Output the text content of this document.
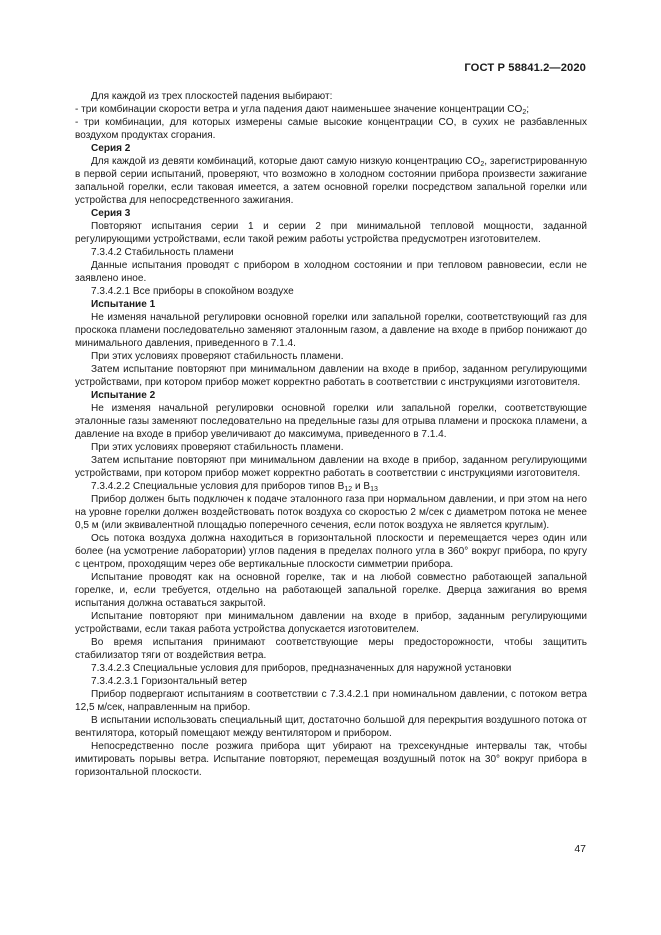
ГОСТ Р 58841.2—2020

Для каждой из трех плоскостей падения выбирают:

- три комбинации скорости ветра и угла падения дают наименьшее значение концентрации $CO_2$;

- три комбинации, для которых измерены самые высокие концентрации CO, в сухих не разбавленных воздухом продуктах сгорания.

Серия 2

Для каждой из девяти комбинаций, которые дают самую низкую концентрацию $CO_2$, зарегистрированную в первой серии испытаний, проверяют, что возможно в холодном состоянии прибора произвести зажигание запальной горелки, если таковая имеется, а затем основной горелки посредством запальной горелки или устройства для непосредственного зажигания.

Серия 3

Повторяют испытания серии 1 и серии 2 при минимальной тепловой мощности, заданной регулирующими устройствами, если такой режим работы устройства предусмотрен изготовителем.

7.3.4.2 Стабильность пламени

Данные испытания проводят с прибором в холодном состоянии и при тепловом равновесии, если не заявлено иное.

7.3.4.2.1 Все приборы в спокойном воздухе

Испытание 1

Не изменяя начальной регулировки основной горелки или запальной горелки, соответствующий газ для проскока пламени последовательно заменяют эталонным газом, а давление на входе в прибор понижают до минимального давления, приведенного в 7.1.4.

При этих условиях проверяют стабильность пламени.

Затем испытание повторяют при минимальном давлении на входе в прибор, заданном регулирующими устройствами, при котором прибор может корректно работать в соответствии с инструкциями изготовителя.

Испытание 2

Не изменяя начальной регулировки основной горелки или запальной горелки, соответствующие эталонные газы заменяют последовательно на предельные газы для отрыва пламени и проскока пламени, а давление на входе в прибор увеличивают до максимума, приведенного в 7.1.4.

При этих условиях проверяют стабильность пламени.

Затем испытание повторяют при минимальном давлении на входе в прибор, заданном регулирующими устройствами, при котором прибор может корректно работать в соответствии с инструкциями изготовителя.

7.3.4.2.2 Специальные условия для приборов типов $B_{12}$ и $B_{13}$

Прибор должен быть подключен к подаче эталонного газа при нормальном давлении, и при этом на него на уровне горелки должен воздействовать поток воздуха со скоростью 2 м/сек с диаметром потока не менее 0,5 м (или эквивалентной площадью поперечного сечения, если поток воздуха не является круглым).

Ось потока воздуха должна находиться в горизонтальной плоскости и перемещается через один или более (на усмотрение лаборатории) углов падения в пределах полного угла в 360° вокруг прибора, по кругу с центром, проходящим через обе вертикальные плоскости симметрии прибора.

Испытание проводят как на основной горелке, так и на любой совместно работающей запальной горелке, и, если требуется, отдельно на работающей запальной горелке. Дверца зажигания во время испытания должна оставаться закрытой.

Испытание повторяют при минимальном давлении на входе в прибор, заданным регулирующими устройствами, если такая работа устройства допускается изготовителем.

Во время испытания принимают соответствующие меры предосторожности, чтобы защитить стабилизатор тяги от воздействия ветра.

7.3.4.2.3 Специальные условия для приборов, предназначенных для наружной установки

7.3.4.2.3.1 Горизонтальный ветер

Прибор подвергают испытаниям в соответствии с 7.3.4.2.1 при номинальном давлении, с потоком ветра 12,5 м/сек, направленным на прибор.

В испытании использовать специальный щит, достаточно большой для перекрытия воздушного потока от вентилятора, который помещают между вентилятором и прибором.

Непосредственно после розжига прибора щит убирают на трехсекундные интервалы так, чтобы имитировать порывы ветра. Испытание повторяют, перемещая воздушный поток на 30° вокруг прибора в горизонтальной плоскости.

47
